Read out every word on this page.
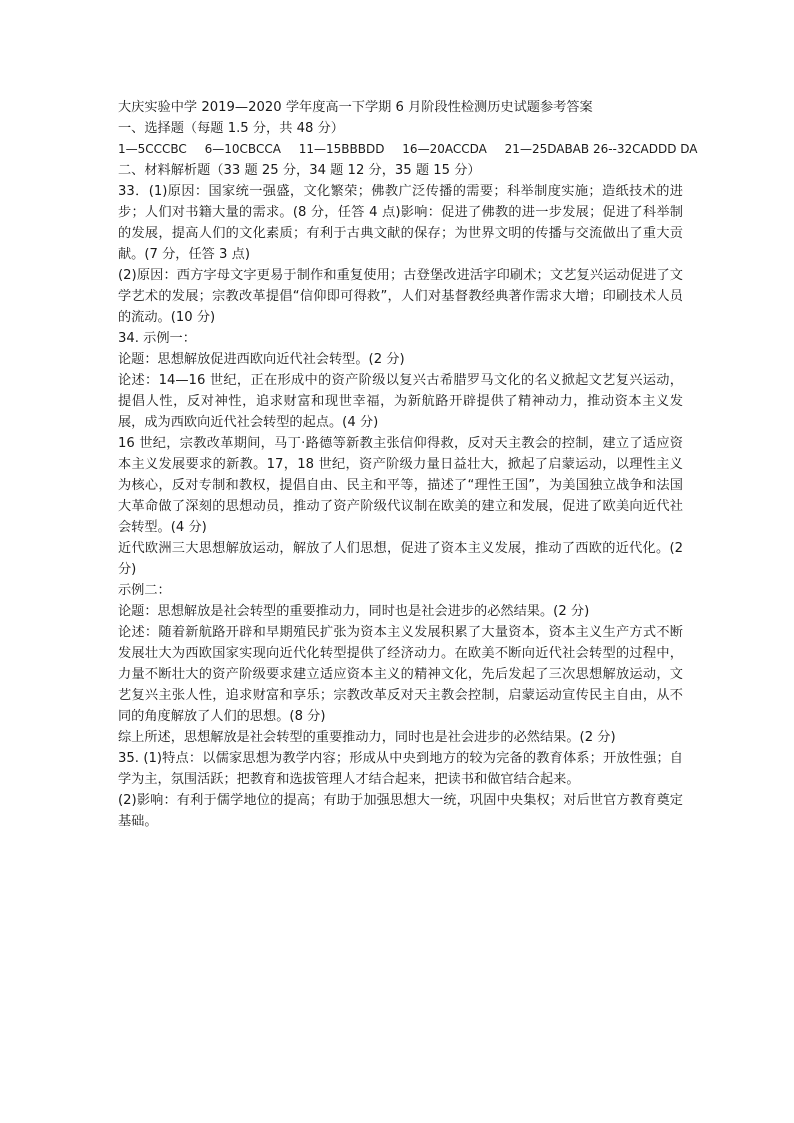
大庆实验中学 2019—2020 学年度高一下学期 6 月阶段性检测历史试题参考答案
一、选择题（每题 1.5 分，共 48 分）
1—5CCCBC 6—10CBCCA 11—15BBBDD 16—20ACCDA 21—25DABAB 26--32CADDD DA
二、材料解析题（33 题 25 分，34 题 12 分，35 题 15 分）
33．(1)原因：国家统一强盛，文化繁荣；佛教广泛传播的需要；科举制度实施；造纸技术的进步；人们对书籍大量的需求。(8 分，任答 4 点)影响：促进了佛教的进一步发展；促进了科举制的发展，提高人们的文化素质；有利于古典文献的保存；为世界文明的传播与交流做出了重大贡献。(7 分，任答 3 点)
(2)原因：西方字母文字更易于制作和重复使用；古登堡改进活字印刷术；文艺复兴运动促进了文学艺术的发展；宗教改革提倡“信仰即可得救”，人们对基督教经典著作需求大增；印刷技术人员的流动。(10 分)
34. 示例一：
论题：思想解放促进西欧向近代社会转型。(2 分)
论述：14—16 世纪，正在形成中的资产阶级以复兴古希腊罗马文化的名义掀起文艺复兴运动，提倡人性，反对神性，追求财富和现世幸福，为新航路开辟提供了精神动力，推动资本主义发展，成为西欧向近代社会转型的起点。(4 分)
16 世纪，宗教改革期间，马丁·路德等新教主张信仰得救，反对天主教会的控制，建立了适应资本主义发展要求的新教。17，18 世纪，资产阶级力量日益壮大，掀起了启蒙运动，以理性主义为核心，反对专制和教权，提倡自由、民主和平等，描述了“理性王国”，为美国独立战争和法国大革命做了深刻的思想动员，推动了资产阶级代议制在欧美的建立和发展，促进了欧美向近代社会转型。(4 分)
近代欧洲三大思想解放运动，解放了人们思想，促进了资本主义发展，推动了西欧的近代化。(2 分)
示例二：
论题：思想解放是社会转型的重要推动力，同时也是社会进步的必然结果。(2 分)
论述：随着新航路开辟和早期殖民扩张为资本主义发展积累了大量资本，资本主义生产方式不断发展壮大为西欧国家实现向近代化转型提供了经济动力。在欧美不断向近代社会转型的过程中，力量不断壮大的资产阶级要求建立适应资本主义的精神文化，先后发起了三次思想解放运动，文艺复兴主张人性，追求财富和享乐；宗教改革反对天主教会控制，启蒙运动宣传民主自由，从不同的角度解放了人们的思想。(8 分)
综上所述，思想解放是社会转型的重要推动力，同时也是社会进步的必然结果。(2 分)
35. (1)特点：以儒家思想为教学内容；形成从中央到地方的较为完备的教育体系；开放性强；自学为主，氛围活跃；把教育和选拔管理人才结合起来，把读书和做官结合起来。
(2)影响：有利于儒学地位的提高；有助于加强思想大一统，巩固中央集权；对后世官方教育奠定基础。
